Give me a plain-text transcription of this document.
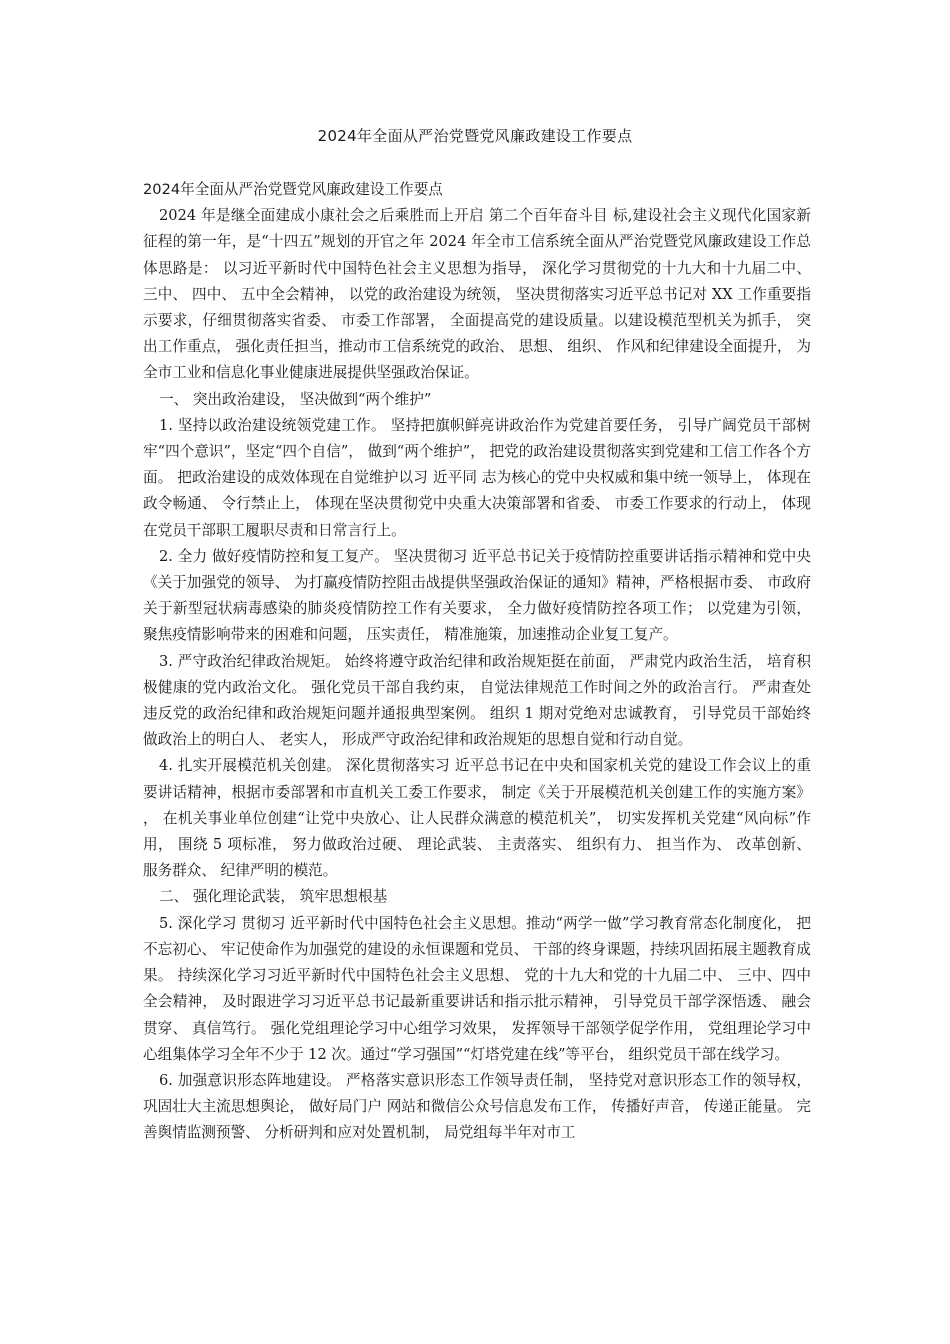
2024年全面从严治党暨党风廉政建设工作要点

2024年全面从严治党暨党风廉政建设工作要点

2024 年是继全面建成小康社会之后乘胜而上开启 第二个百年奋斗目 标,建设社会主义现代化国家新征程的第一年，是“十四五”规划的开官之年 2024 年全市工信系统全面从严治党暨党风廉政建设工作总体思路是： 以习近平新时代中国特色社会主义思想为指导， 深化学习贯彻党的十九大和十九届二中、 三中、 四中、 五中全会精神， 以党的政治建设为统领， 坚决贯彻落实习近平总书记对 XX 工作重要指示要求，仔细贯彻落实省委、 市委工作部署， 全面提高党的建设质量。以建设模范型机关为抓手， 突出工作重点， 强化责任担当，推动市工信系统党的政治、 思想、 组织、 作风和纪律建设全面提升， 为全市工业和信息化事业健康进展提供坚强政治保证。

一、 突出政治建设， 坚决做到“两个维护”

1. 坚持以政治建设统领党建工作。 坚持把旗帜鲜亮讲政治作为党建首要任务， 引导广阔党员干部树牢“四个意识”，坚定“四个自信”， 做到“两个维护”， 把党的政治建设贯彻落实到党建和工信工作各个方面。 把政治建设的成效体现在自觉维护以习 近平同 志为核心的党中央权威和集中统一领导上， 体现在政令畅通、 令行禁止上， 体现在坚决贯彻党中央重大决策部署和省委、 市委工作要求的行动上， 体现在党员干部职工履职尽责和日常言行上。

2. 全力 做好疫情防控和复工复产。 坚决贯彻习 近平总书记关于疫情防控重要讲话指示精神和党中央《关于加强党的领导、 为打赢疫情防控阻击战提供坚强政治保证的通知》精神，严格根据市委、 市政府关于新型冠状病毒感染的肺炎疫情防控工作有关要求， 全力做好疫情防控各项工作； 以党建为引领， 聚焦疫情影响带来的困难和问题， 压实责任， 精准施策，加速推动企业复工复产。

3. 严守政治纪律政治规矩。 始终将遵守政治纪律和政治规矩挺在前面， 严肃党内政治生活， 培育积极健康的党内政治文化。 强化党员干部自我约束， 自觉法律规范工作时间之外的政治言行。 严肃查处违反党的政治纪律和政治规矩问题并通报典型案例。 组织 1 期对党绝对忠诚教育， 引导党员干部始终做政治上的明白人、 老实人， 形成严守政治纪律和政治规矩的思想自觉和行动自觉。

4. 扎实开展模范机关创建。 深化贯彻落实习 近平总书记在中央和国家机关党的建设工作会议上的重要讲话精神，根据市委部署和市直机关工委工作要求， 制定《关于开展模范机关创建工作的实施方案》 ， 在机关事业单位创建“让党中央放心、让人民群众满意的模范机关”， 切实发挥机关党建“风向标”作用， 围绕 5 项标准， 努力做政治过硬、 理论武装、 主责落实、 组织有力、 担当作为、 改革创新、 服务群众、 纪律严明的模范。

二、 强化理论武装， 筑牢思想根基

5. 深化学习 贯彻习 近平新时代中国特色社会主义思想。推动“两学一做”学习教育常态化制度化， 把不忘初心、 牢记使命作为加强党的建设的永恒课题和党员、 干部的终身课题，持续巩固拓展主题教育成果。 持续深化学习习近平新时代中国特色社会主义思想、 党的十九大和党的十九届二中、 三中、四中全会精神， 及时跟进学习习近平总书记最新重要讲话和指示批示精神， 引导党员干部学深悟透、 融会贯穿、 真信笃行。 强化党组理论学习中心组学习效果， 发挥领导干部领学促学作用， 党组理论学习中心组集体学习全年不少于 12 次。通过“学习强国”“灯塔党建在线”等平台， 组织党员干部在线学习。

6. 加强意识形态阵地建设。 严格落实意识形态工作领导责任制， 坚持党对意识形态工作的领导权， 巩固壮大主流思想舆论， 做好局门户 网站和微信公众号信息发布工作， 传播好声音， 传递正能量。 完善舆情监测预警、 分析研判和应对处置机制， 局党组每半年对市工
